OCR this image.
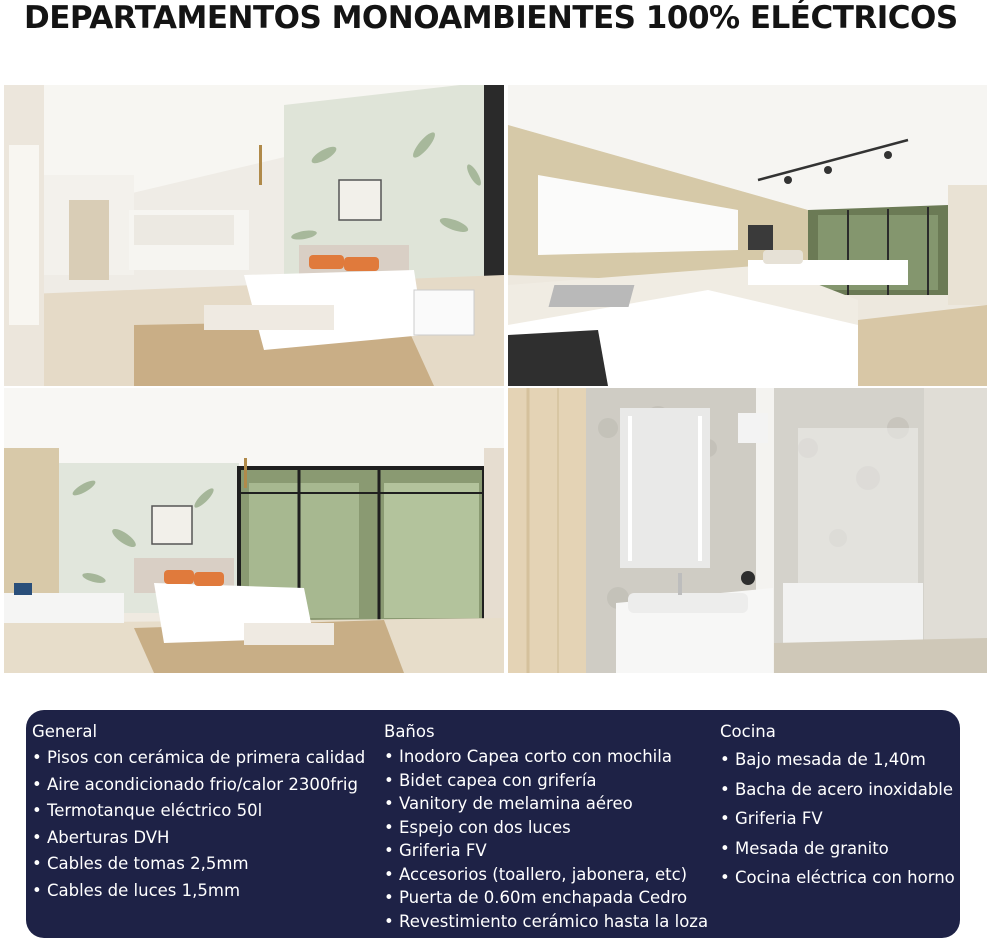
DEPARTAMENTOS MONOAMBIENTES 100% ELÉCTRICOS
General
• Pisos con cerámica de primera calidad
• Aire acondicionado frio/calor 2300frig
• Termotanque eléctrico 50l
• Aberturas DVH
• Cables de tomas 2,5mm
• Cables de luces 1,5mm
Baños
• Inodoro Capea corto con mochila
• Bidet capea con grifería
• Vanitory de melamina aéreo
• Espejo con dos luces
• Griferia FV
• Accesorios (toallero, jabonera, etc)
• Puerta de 0.60m enchapada Cedro
• Revestimiento cerámico hasta la loza
Cocina
• Bajo mesada de 1,40m
• Bacha de acero inoxidable
• Griferia FV
• Mesada de granito
• Cocina eléctrica con horno
